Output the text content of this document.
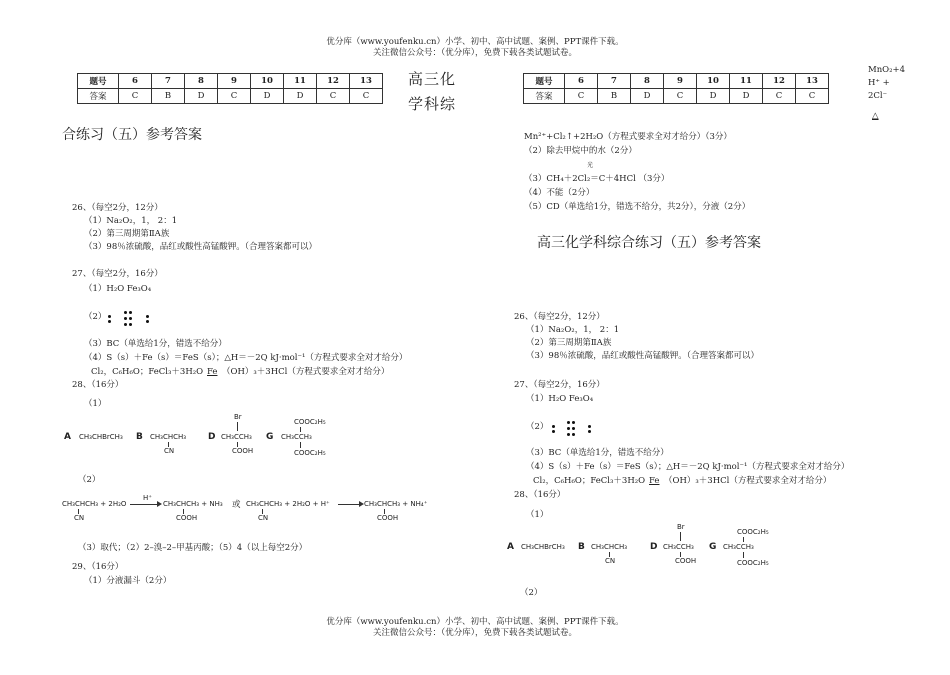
优分库（www.youfenku.cn）小学、初中、高中试题、案例、PPT课件下载。
关注微信公众号：（优分库），免费下载各类试题试卷。
题号	6	7	8	9	10	11	12	13
答案	C	B	D	C	D	D	C	C
高三化
学科综
合练习（五）参考答案
26、（每空2分，12分）
（1）Na₂O₂，1， 2：1
（2）第三周期第ⅡA族
（3）98％浓硫酸，品红或酸性高锰酸钾。（合理答案都可以）
27、（每空2分，16分）
（1）H₂O Fe₃O₄
（2）
（3）BC（单选给1分，错选不给分）
（4）S（s）＋Fe（s）＝FeS（s）；△H＝－2Q kJ·mol⁻¹（方程式要求全对才给分）
Cl₂，C₆H₆O；FeCl₃＋3H₂O Fe （OH）₃＋3HCl（方程式要求全对才给分）
28、（16分）
（1）
A CH₃CHBrCH₃ B CH₃CHCH₃
CN
Br
D CH₃CCH₃
COOH
COOC₂H₅
G CH₃CCH₃
COOC₂H₅
（2）
CH₃CHCH₃ + 2H₂O
CN
H⁺
CH₃CHCH₃ + NH₃
COOH
或 CH₃CHCH₃ + 2H₂O + H⁺
CN
CH₃CHCH₃ + NH₄⁺
COOH
（3）取代；（2）2–溴–2–甲基丙酸；（5）4（以上每空2分）
29、（16分）
（1）分液漏斗（2分）
题号	6	7	8	9	10	11	12	13
答案	C	B	D	C	D	D	C	C
MnO₂+4
H⁺ +
2Cl⁻
△
Mn²⁺+Cl₂↑+2H₂O（方程式要求全对才给分）（3分）
（2）除去甲烷中的水（2分）
光
（3）CH₄＋2Cl₂＝C＋4HCl （3分）
（4）不能（2分）
（5）CD（单选给1分，错选不给分，共2分），分液（2分）
高三化学科综合练习（五）参考答案
26、（每空2分，12分）
（1）Na₂O₂，1， 2：1
（2）第三周期第ⅡA族
（3）98％浓硫酸，品红或酸性高锰酸钾。（合理答案都可以）
27、（每空2分，16分）
（1）H₂O Fe₃O₄
（2）
（3）BC（单选给1分，错选不给分）
（4）S（s）＋Fe（s）＝FeS（s）；△H＝－2Q kJ·mol⁻¹（方程式要求全对才给分）
Cl₂，C₆H₆O；FeCl₃＋3H₂O Fe （OH）₃＋3HCl（方程式要求全对才给分）
28、（16分）
（1）
A CH₃CHBrCH₃ B CH₃CHCH₃
CN
Br
D CH₃CCH₃
COOH
COOC₂H₅
G CH₃CCH₃
COOC₂H₅
（2）
优分库（www.youfenku.cn）小学、初中、高中试题、案例、PPT课件下载。
关注微信公众号：（优分库），免费下载各类试题试卷。
